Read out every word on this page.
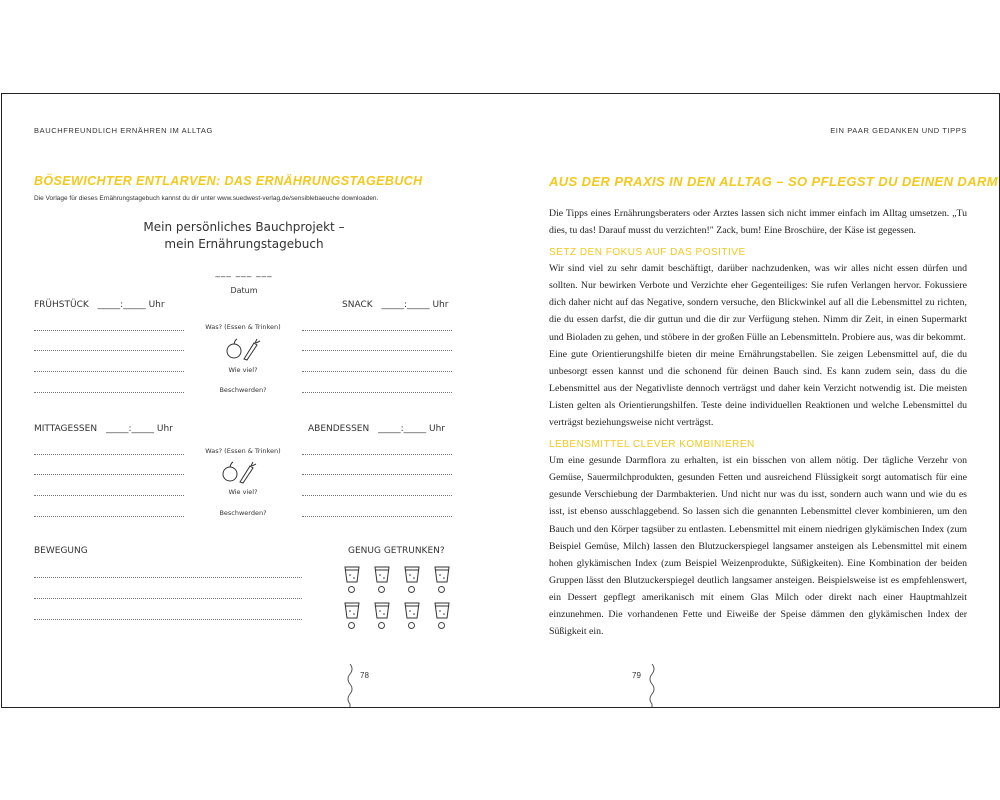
BAUCHFREUNDLICH ERNÄHREN IM ALLTAG
BÖSEWICHTER ENTLARVEN: DAS ERNÄHRUNGSTAGEBUCH
Die Vorlage für dieses Ernährungstagebuch kannst du dir unter www.suedwest-verlag.de/sensiblebaeuche downloaden.
Mein persönliches Bauchprojekt –
mein Ernährungstagebuch
___ ___ ___
Datum
FRÜHSTÜCK _____:_____ Uhr	SNACK _____:_____ Uhr
Was? (Essen & Trinken)
Wie viel?
Beschwerden?
MITTAGESSEN _____:_____ Uhr	ABENDESSEN _____:_____ Uhr
Was? (Essen & Trinken)
Wie viel?
Beschwerden?
BEWEGUNG	GENUG GETRUNKEN?
78
EIN PAAR GEDANKEN UND TIPPS
AUS DER PRAXIS IN DEN ALLTAG – SO PFLEGST DU DEINEN DARM
Die Tipps eines Ernährungsberaters oder Arztes lassen sich nicht immer einfach im Alltag umsetzen. „Tu dies, tu das! Darauf musst du verzichten!" Zack, bum! Eine Broschüre, der Käse ist gegessen.
SETZ DEN FOKUS AUF DAS POSITIVE
Wir sind viel zu sehr damit beschäftigt, darüber nachzudenken, was wir alles nicht essen dürfen und sollten. Nur bewirken Verbote und Verzichte eher Gegenteiliges: Sie rufen Verlangen hervor. Fokussiere dich daher nicht auf das Negative, sondern versuche, den Blickwinkel auf all die Lebensmittel zu richten, die du essen darfst, die dir guttun und die dir zur Verfügung stehen. Nimm dir Zeit, in einen Supermarkt und Bioladen zu gehen, und stöbere in der großen Fülle an Lebensmitteln. Probiere aus, was dir bekommt.
Eine gute Orientierungshilfe bieten dir meine Ernährungstabellen. Sie zeigen Lebensmittel auf, die du unbesorgt essen kannst und die schonend für deinen Bauch sind. Es kann zudem sein, dass du die Lebensmittel aus der Negativliste dennoch verträgst und daher kein Verzicht notwendig ist. Die meisten Listen gelten als Orientierungshilfen. Teste deine individuellen Reaktionen und welche Lebensmittel du verträgst beziehungsweise nicht verträgst.
LEBENSMITTEL CLEVER KOMBINIEREN
Um eine gesunde Darmflora zu erhalten, ist ein bisschen von allem nötig. Der tägliche Verzehr von Gemüse, Sauermilchprodukten, gesunden Fetten und ausreichend Flüssigkeit sorgt automatisch für eine gesunde Verschiebung der Darmbakterien. Und nicht nur was du isst, sondern auch wann und wie du es isst, ist ebenso ausschlaggebend. So lassen sich die genannten Lebensmittel clever kombinieren, um den Bauch und den Körper tagsüber zu entlasten. Lebensmittel mit einem niedrigen glykämischen Index (zum Beispiel Gemüse, Milch) lassen den Blutzuckerspiegel langsamer ansteigen als Lebensmittel mit einem hohen glykämischen Index (zum Beispiel Weizenprodukte, Süßigkeiten). Eine Kombination der beiden Gruppen lässt den Blutzuckerspiegel deutlich langsamer ansteigen. Beispielsweise ist es empfehlenswert, ein Dessert gepflegt amerikanisch mit einem Glas Milch oder direkt nach einer Hauptmahlzeit einzunehmen. Die vorhandenen Fette und Eiweiße der Speise dämmen den glykämischen Index der Süßigkeit ein.
79
